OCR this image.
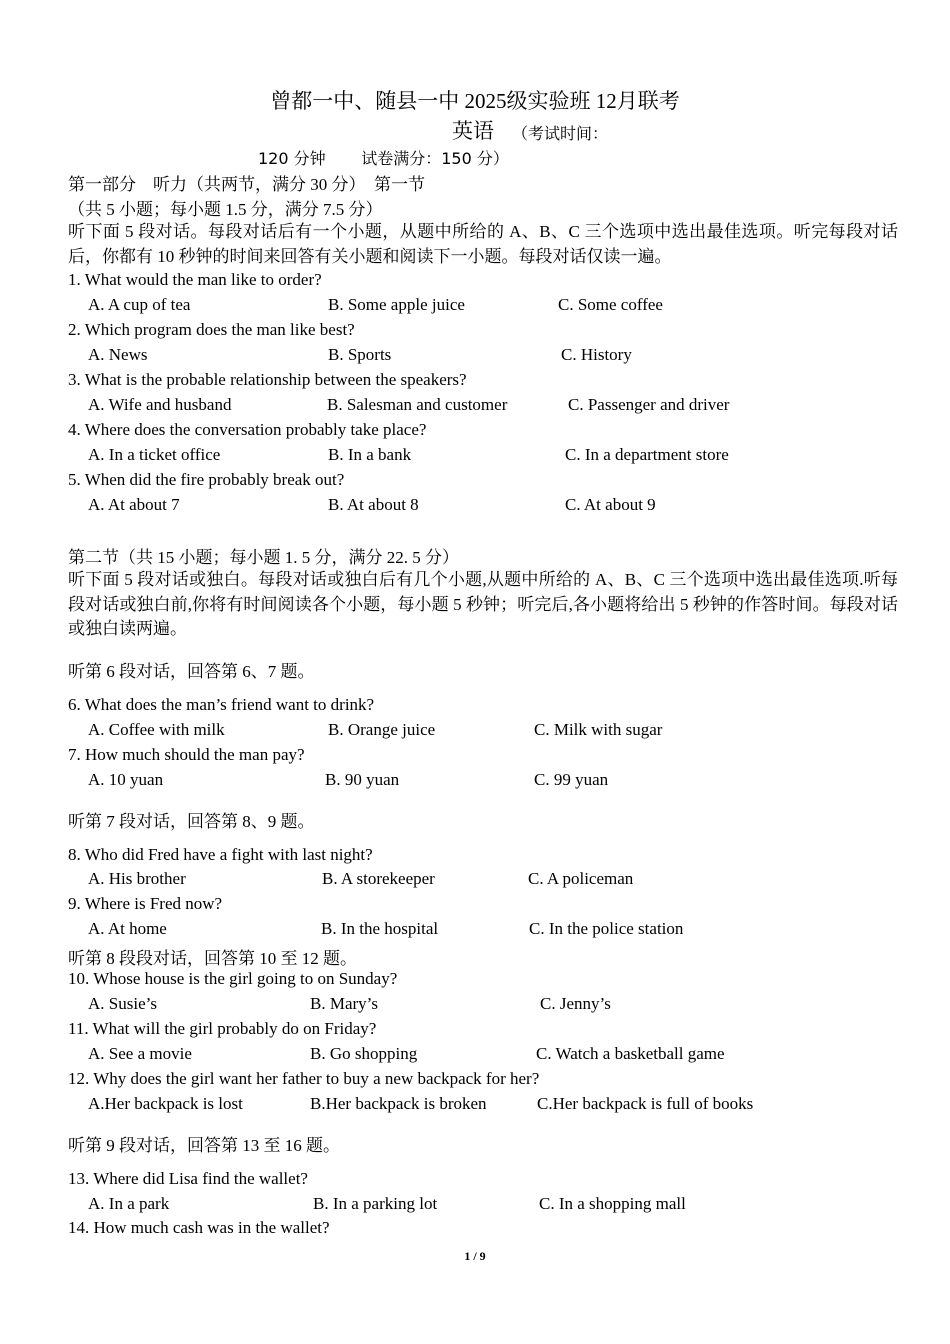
曾都一中、随县一中 2025级实验班 12月联考
英语 （考试时间：
120 分钟       试卷满分：150 分）
第一部分    听力（共两节，满分 30 分）  第一节
（共 5 小题；每小题 1.5 分，满分 7.5 分）
听下面 5 段对话。每段对话后有一个小题，从题中所给的 A、B、C 三个选项中选出最佳选项。听完每段对话后，你都有 10 秒钟的时间来回答有关小题和阅读下一小题。每段对话仅读一遍。
1. What would the man like to order?
A. A cup of tea	B. Some apple juice	C. Some coffee
2. Which program does the man like best?
A. News	B. Sports	C. History
3. What is the probable relationship between the speakers?
A. Wife and husband	B. Salesman and customer	C. Passenger and driver
4. Where does the conversation probably take place?
A. In a ticket office	B. In a bank	C. In a department store
5. When did the fire probably break out?
A. At about 7	B. At about 8	C. At about 9
第二节（共 15 小题；每小题 1. 5 分，满分 22. 5 分）
听下面 5 段对话或独白。每段对话或独白后有几个小题,从题中所给的 A、B、C 三个选项中选出最佳选项.听每段对话或独白前,你将有时间阅读各个小题，每小题 5 秒钟；听完后,各小题将给出 5 秒钟的作答时间。每段对话或独白读两遍。
听第 6 段对话，回答第 6、7 题。
6. What does the man’s friend want to drink?
A. Coffee with milk	B. Orange juice	C. Milk with sugar
7. How much should the man pay?
A. 10 yuan	B. 90 yuan	C. 99 yuan
听第 7 段对话，回答第 8、9 题。
8. Who did Fred have a fight with last night?
A. His brother	B. A storekeeper	C. A policeman
9. Where is Fred now?
A. At home	B. In the hospital	C. In the police station
听第 8 段段对话，回答第 10 至 12 题。
10. Whose house is the girl going to on Sunday?
A. Susie’s	B. Mary’s	C. Jenny’s
11. What will the girl probably do on Friday?
A. See a movie	B. Go shopping	C. Watch a basketball game
12. Why does the girl want her father to buy a new backpack for her?
A.Her backpack is lost	B.Her backpack is broken	C.Her backpack is full of books
听第 9 段对话，回答第 13 至 16 题。
13. Where did Lisa find the wallet?
A. In a park	B. In a parking lot	C. In a shopping mall
14. How much cash was in the wallet?
1 / 9
